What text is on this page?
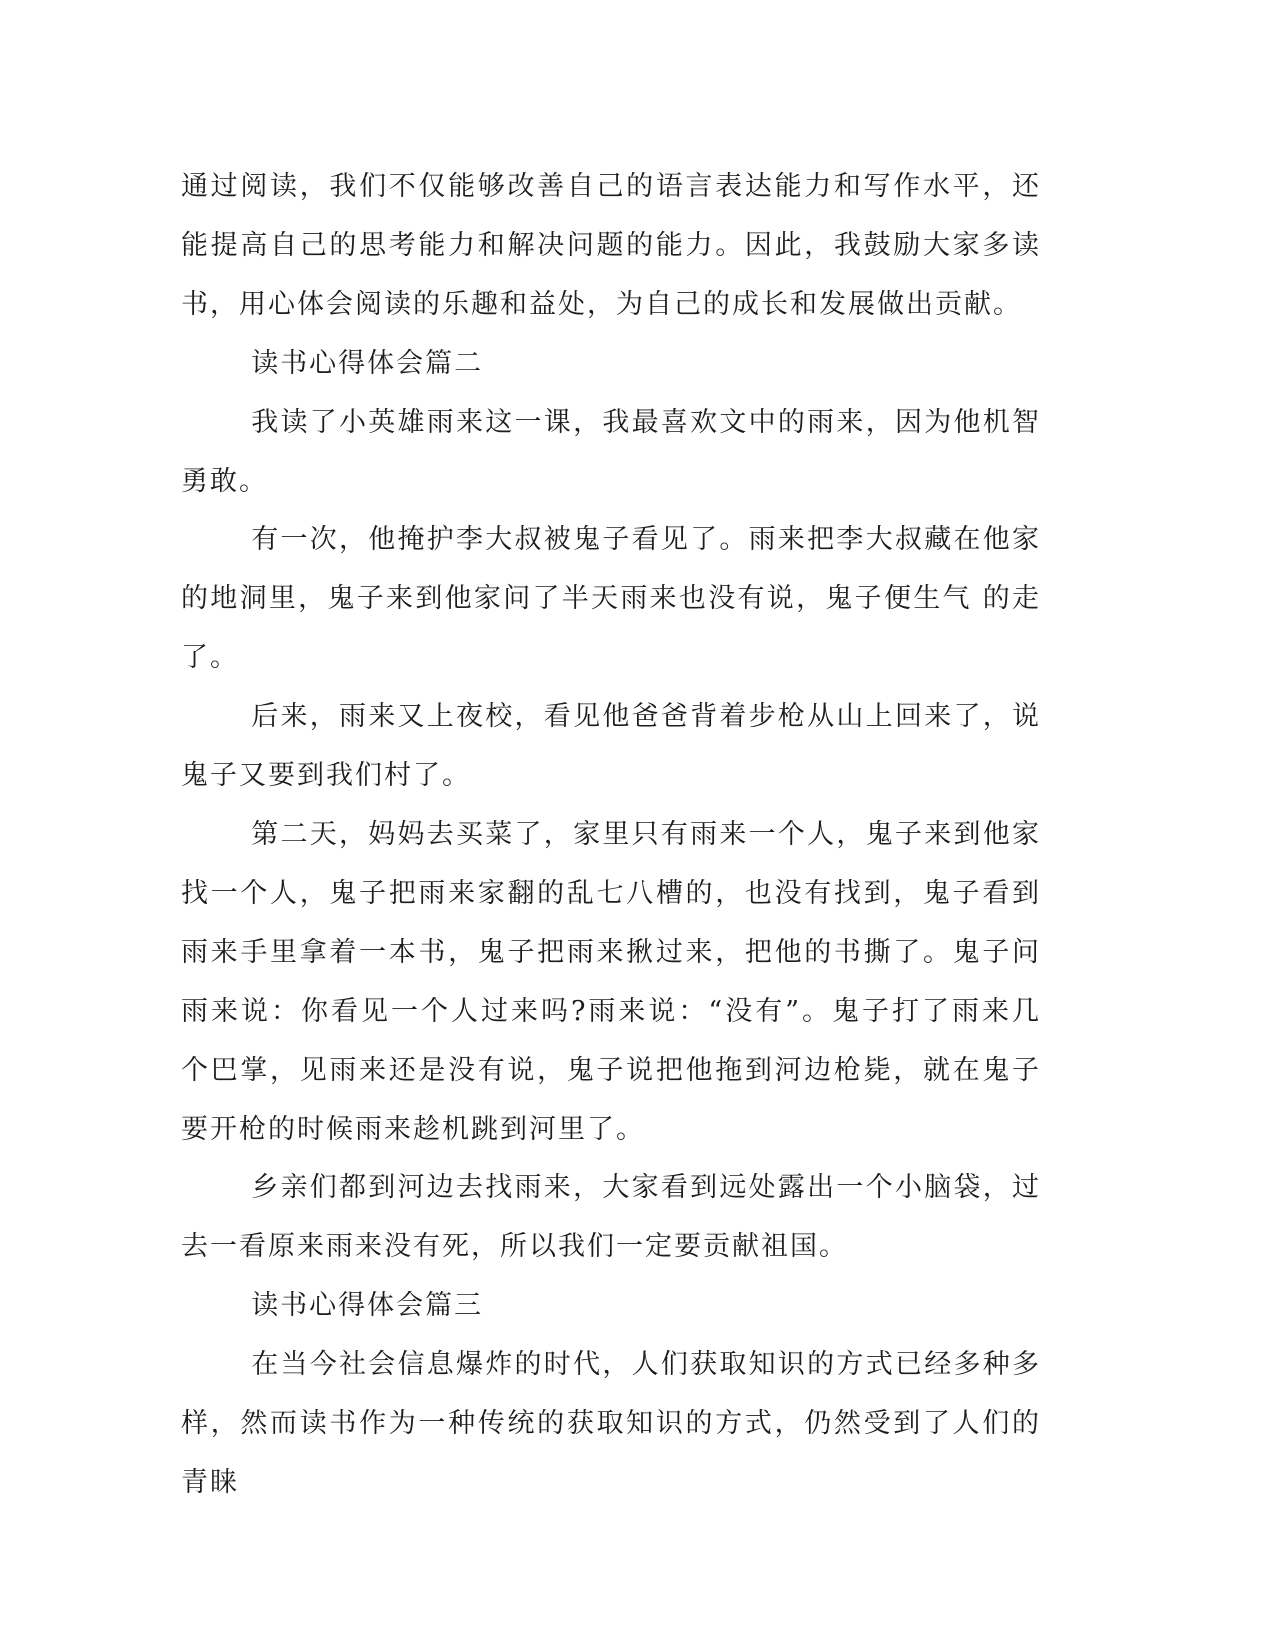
通过阅读，我们不仅能够改善自己的语言表达能力和写作水平，还能提高自己的思考能力和解决问题的能力。因此，我鼓励大家多读书，用心体会阅读的乐趣和益处，为自己的成长和发展做出贡献。

读书心得体会篇二

我读了小英雄雨来这一课，我最喜欢文中的雨来，因为他机智勇敢。

有一次，他掩护李大叔被鬼子看见了。雨来把李大叔藏在他家的地洞里，鬼子来到他家问了半天雨来也没有说，鬼子便生气 的走了。

后来，雨来又上夜校，看见他爸爸背着步枪从山上回来了，说鬼子又要到我们村了。

第二天，妈妈去买菜了，家里只有雨来一个人，鬼子来到他家找一个人，鬼子把雨来家翻的乱七八槽的，也没有找到，鬼子看到雨来手里拿着一本书，鬼子把雨来揪过来，把他的书撕了。鬼子问雨来说：你看见一个人过来吗?雨来说：“没有”。鬼子打了雨来几个巴掌，见雨来还是没有说，鬼子说把他拖到河边枪毙，就在鬼子要开枪的时候雨来趁机跳到河里了。

乡亲们都到河边去找雨来，大家看到远处露出一个小脑袋，过去一看原来雨来没有死，所以我们一定要贡献祖国。

读书心得体会篇三

在当今社会信息爆炸的时代，人们获取知识的方式已经多种多样，然而读书作为一种传统的获取知识的方式，仍然受到了人们的青睐
